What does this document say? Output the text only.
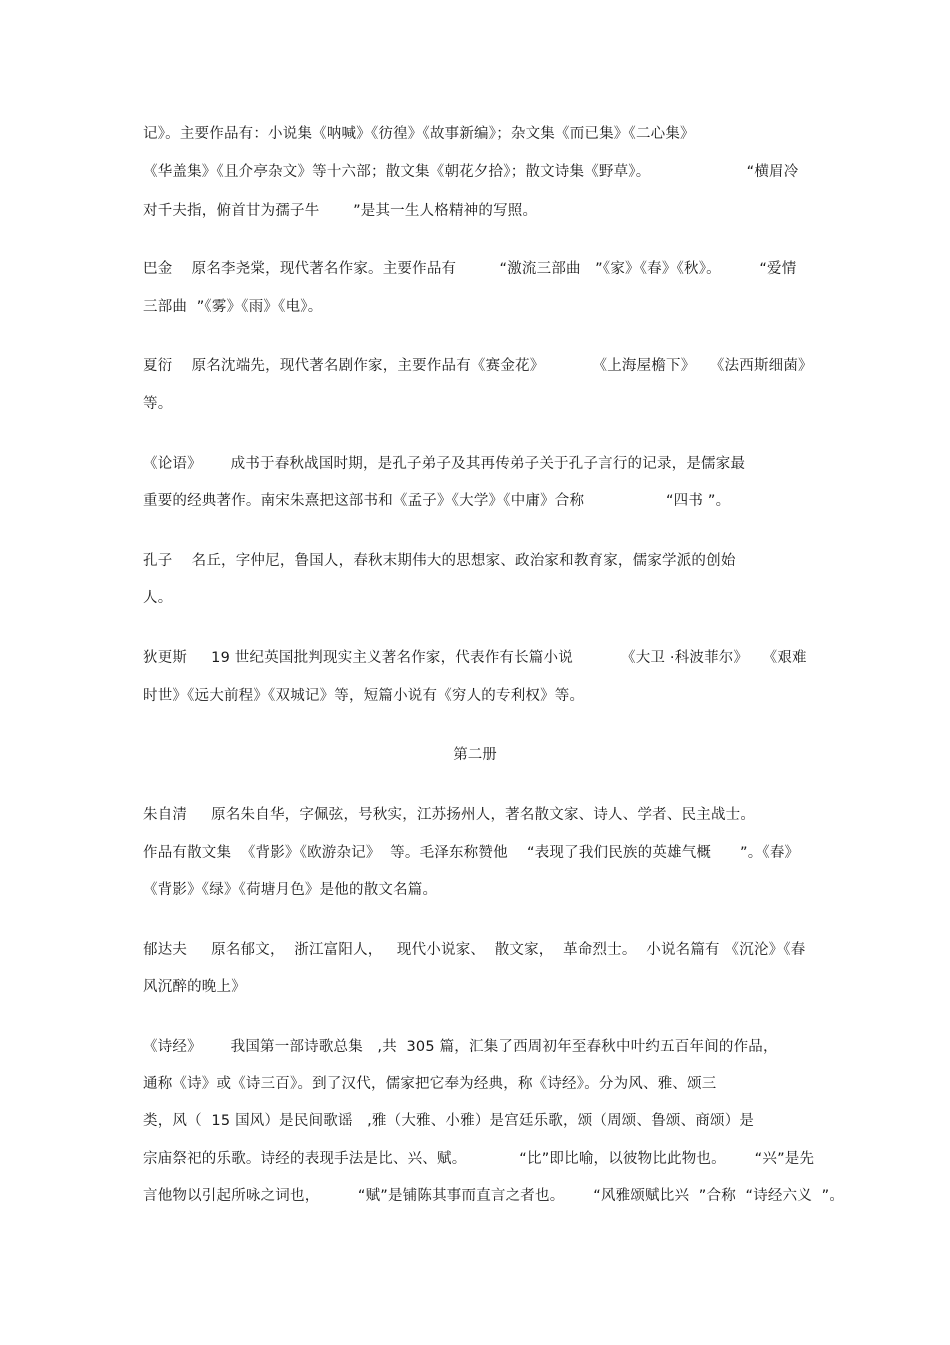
记》。主要作品有：小说集《呐喊》《彷徨》《故事新编》；杂文集《而已集》《二心集》
《华盖集》《且介亭杂文》等十六部；散文集《朝花夕拾》；散文诗集《野草》。                    “横眉冷
对千夫指，俯首甘为孺子牛       ”是其一生人格精神的写照。
巴金    原名李尧棠，现代著名作家。主要作品有         “激流三部曲   ”《家》《春》《秋》。        “爱情
三部曲  ”《雾》《雨》《电》。
夏衍    原名沈端先，现代著名剧作家，主要作品有《赛金花》          《上海屋檐下》   《法西斯细菌》
等。
《论语》      成书于春秋战国时期，是孔子弟子及其再传弟子关于孔子言行的记录，是儒家最
重要的经典著作。南宋朱熹把这部书和《孟子》《大学》《中庸》合称                 “四书 ”。
孔子    名丘，字仲尼，鲁国人，春秋末期伟大的思想家、政治家和教育家，儒家学派的创始
人。
狄更斯     19 世纪英国批判现实主义著名作家，代表作有长篇小说          《大卫 ·科波菲尔》   《艰难
时世》《远大前程》《双城记》等，短篇小说有《穷人的专利权》等。
第二册
朱自清     原名朱自华，字佩弦，号秋实，江苏扬州人，著名散文家、诗人、学者、民主战士。
作品有散文集  《背影》《欧游杂记》  等。毛泽东称赞他    “表现了我们民族的英雄气概      ”。《春》
《背影》《绿》《荷塘月色》是他的散文名篇。
郁达夫     原名郁文，  浙江富阳人，   现代小说家、  散文家，  革命烈士。  小说名篇有 《沉沦》《春
风沉醉的晚上》
《诗经》      我国第一部诗歌总集   ,共  305 篇，汇集了西周初年至春秋中叶约五百年间的作品，
通称《诗》或《诗三百》。到了汉代，儒家把它奉为经典，称《诗经》。分为风、雅、颂三
类，风（  15 国风）是民间歌谣   ,雅（大雅、小雅）是宫廷乐歌，颂（周颂、鲁颂、商颂）是
宗庙祭祀的乐歌。诗经的表现手法是比、兴、赋。           “比”即比喻，以彼物比此物也。      “兴”是先
言他物以引起所咏之词也，        “赋”是铺陈其事而直言之者也。      “风雅颂赋比兴  ”合称  “诗经六义  ”。
